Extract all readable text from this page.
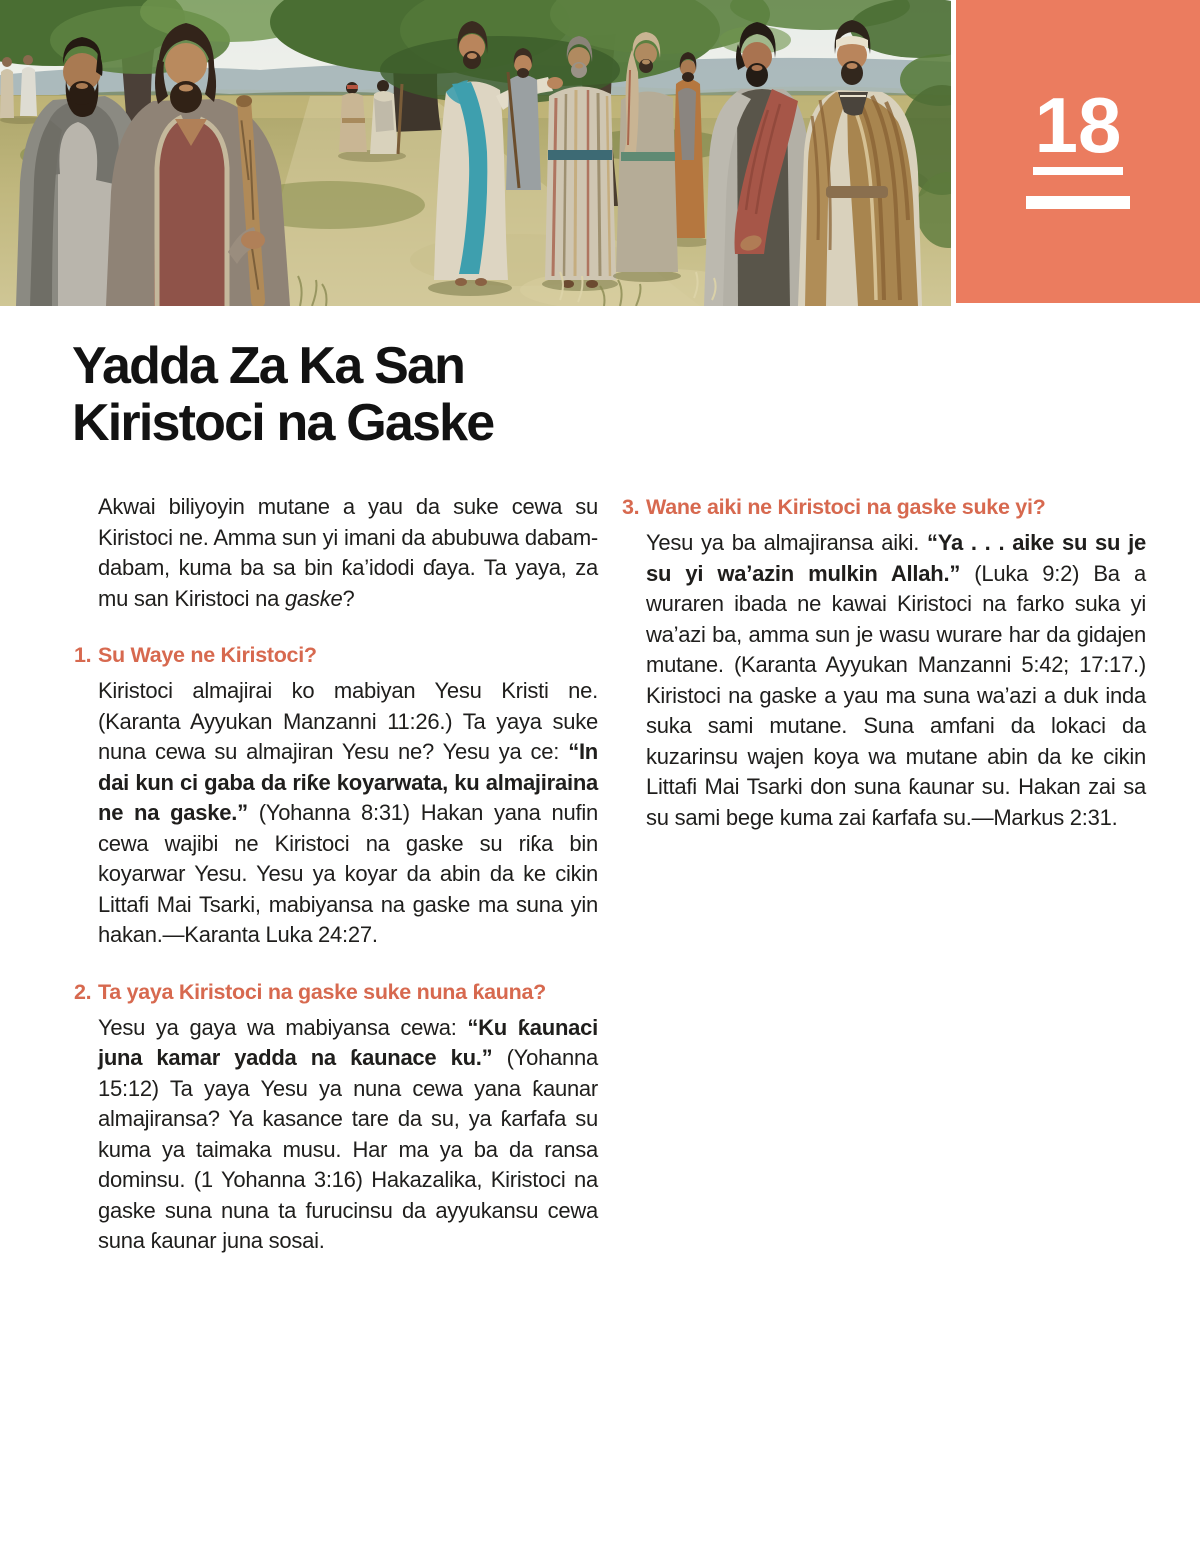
18
Yadda Za Ka San
Kiristoci na Gaske

Akwai biliyoyin mutane a yau da suke cewa su Kiristoci ne. Amma sun yi imani da abubuwa dabam-dabam, kuma ba sa bin ƙa’idodi ɗaya. Ta yaya, za mu san Kiristoci na gaske?

1. Su Waye ne Kiristoci?

Kiristoci almajirai ko mabiyan Yesu Kristi ne. (Karanta Ayyukan Manzanni 11:26.) Ta yaya suke nuna cewa su almajiran Yesu ne? Yesu ya ce: “In dai kun ci gaba da riƙe koyarwata, ku almajiraina ne na gaske.” (Yohanna 8:31) Hakan yana nufin cewa wajibi ne Kiristoci na gaske su riƙa bin koyarwar Yesu. Yesu ya koyar da abin da ke cikin Littafi Mai Tsarki, mabiyansa na gaske ma suna yin hakan.—Karanta Luka 24:27.

2. Ta yaya Kiristoci na gaske suke nuna ƙauna?

Yesu ya gaya wa mabiyansa cewa: “Ku ƙaunaci juna kamar yadda na ƙaunace ku.” (Yohanna 15:12) Ta yaya Yesu ya nuna cewa yana ƙaunar almajiransa? Ya kasance tare da su, ya ƙarfafa su kuma ya taimaka musu. Har ma ya ba da ransa dominsu. (1 Yohanna 3:16) Hakazalika, Kiristoci na gaske suna nuna ta furucinsu da ayyukansu cewa suna ƙaunar juna sosai.

3. Wane aiki ne Kiristoci na gaske suke yi?

Yesu ya ba almajiransa aiki. “Ya . . . aike su su je su yi wa’azin mulkin Allah.” (Luka 9:2) Ba a wuraren ibada ne kawai Kiristoci na farko suka yi wa’azi ba, amma sun je wasu wurare har da gidajen mutane. (Karanta Ayyukan Manzanni 5:42; 17:17.) Kiristoci na gaske a yau ma suna wa’azi a duk inda suka sami mutane. Suna amfani da lokaci da kuzarinsu wajen koya wa mutane abin da ke cikin Littafi Mai Tsarki don suna ƙaunar su. Hakan zai sa su sami bege kuma zai ƙarfafa su.—Markus 2:31.
